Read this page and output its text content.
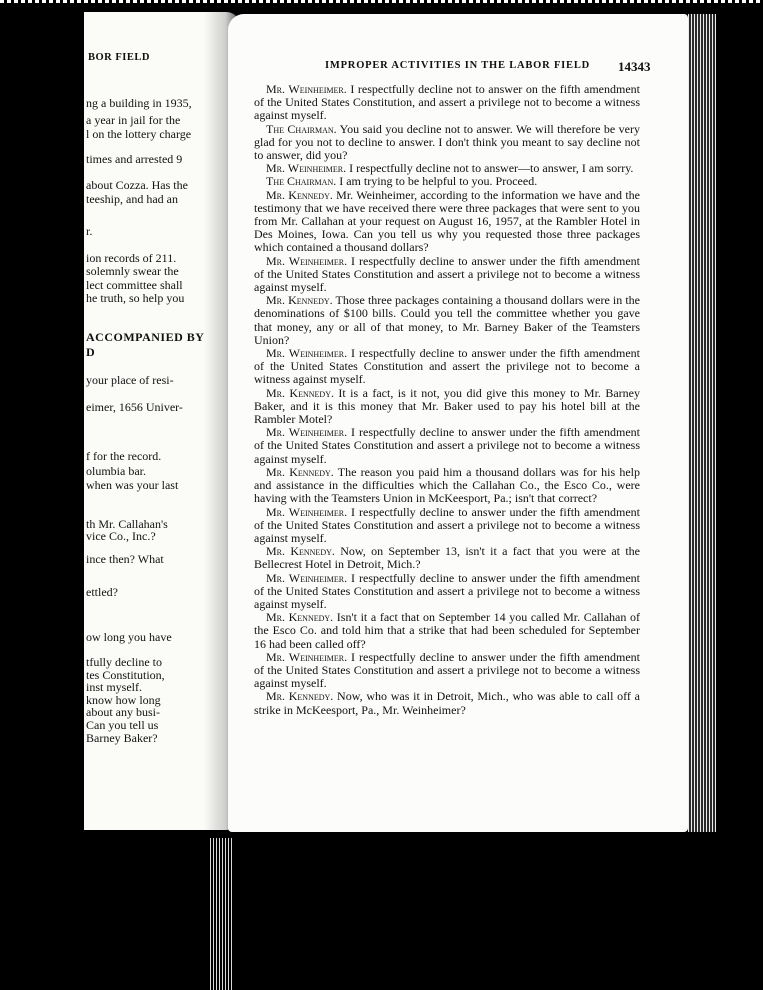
BOR FIELD
ng a building in 1935,
a year in jail for the
l on the lottery charge
times and arrested 9
about Cozza. Has the
teeship, and had an
r.
ion records of 211.
solemnly swear the
lect committee shall
he truth, so help you
ACCOMPANIED BY
D
your place of resi-
eimer, 1656 Univer-
f for the record.
olumbia bar.
when was your last
th Mr. Callahan's
vice Co., Inc.?
ince then? What
ettled?
ow long you have
tfully decline to
tes Constitution,
inst myself.
know how long
about any busi-
Can you tell us
Barney Baker?
IMPROPER ACTIVITIES IN THE LABOR FIELD 14343

Mr. Weinheimer. I respectfully decline not to answer on the fifth amendment of the United States Constitution, and assert a privilege not to become a witness against myself.

The Chairman. You said you decline not to answer. We will therefore be very glad for you not to decline to answer. I don't think you meant to say decline not to answer, did you?

Mr. Weinheimer. I respectfully decline not to answer—to answer, I am sorry.

The Chairman. I am trying to be helpful to you. Proceed.

Mr. Kennedy. Mr. Weinheimer, according to the information we have and the testimony that we have received there were three packages that were sent to you from Mr. Callahan at your request on August 16, 1957, at the Rambler Hotel in Des Moines, Iowa. Can you tell us why you requested those three packages which contained a thousand dollars?

Mr. Weinheimer. I respectfully decline to answer under the fifth amendment of the United States Constitution and assert a privilege not to become a witness against myself.

Mr. Kennedy. Those three packages containing a thousand dollars were in the denominations of $100 bills. Could you tell the committee whether you gave that money, any or all of that money, to Mr. Barney Baker of the Teamsters Union?

Mr. Weinheimer. I respectfully decline to answer under the fifth amendment of the United States Constitution and assert the privilege not to become a witness against myself.

Mr. Kennedy. It is a fact, is it not, you did give this money to Mr. Barney Baker, and it is this money that Mr. Baker used to pay his hotel bill at the Rambler Motel?

Mr. Weinheimer. I respectfully decline to answer under the fifth amendment of the United States Constitution and assert a privilege not to become a witness against myself.

Mr. Kennedy. The reason you paid him a thousand dollars was for his help and assistance in the difficulties which the Callahan Co., the Esco Co., were having with the Teamsters Union in McKeesport, Pa.; isn't that correct?

Mr. Weinheimer. I respectfully decline to answer under the fifth amendment of the United States Constitution and assert a privilege not to become a witness against myself.

Mr. Kennedy. Now, on September 13, isn't it a fact that you were at the Bellecrest Hotel in Detroit, Mich.?

Mr. Weinheimer. I respectfully decline to answer under the fifth amendment of the United States Constitution and assert a privilege not to become a witness against myself.

Mr. Kennedy. Isn't it a fact that on September 14 you called Mr. Callahan of the Esco Co. and told him that a strike that had been scheduled for September 16 had been called off?

Mr. Weinheimer. I respectfully decline to answer under the fifth amendment of the United States Constitution and assert a privilege not to become a witness against myself.

Mr. Kennedy. Now, who was it in Detroit, Mich., who was able to call off a strike in McKeesport, Pa., Mr. Weinheimer?
